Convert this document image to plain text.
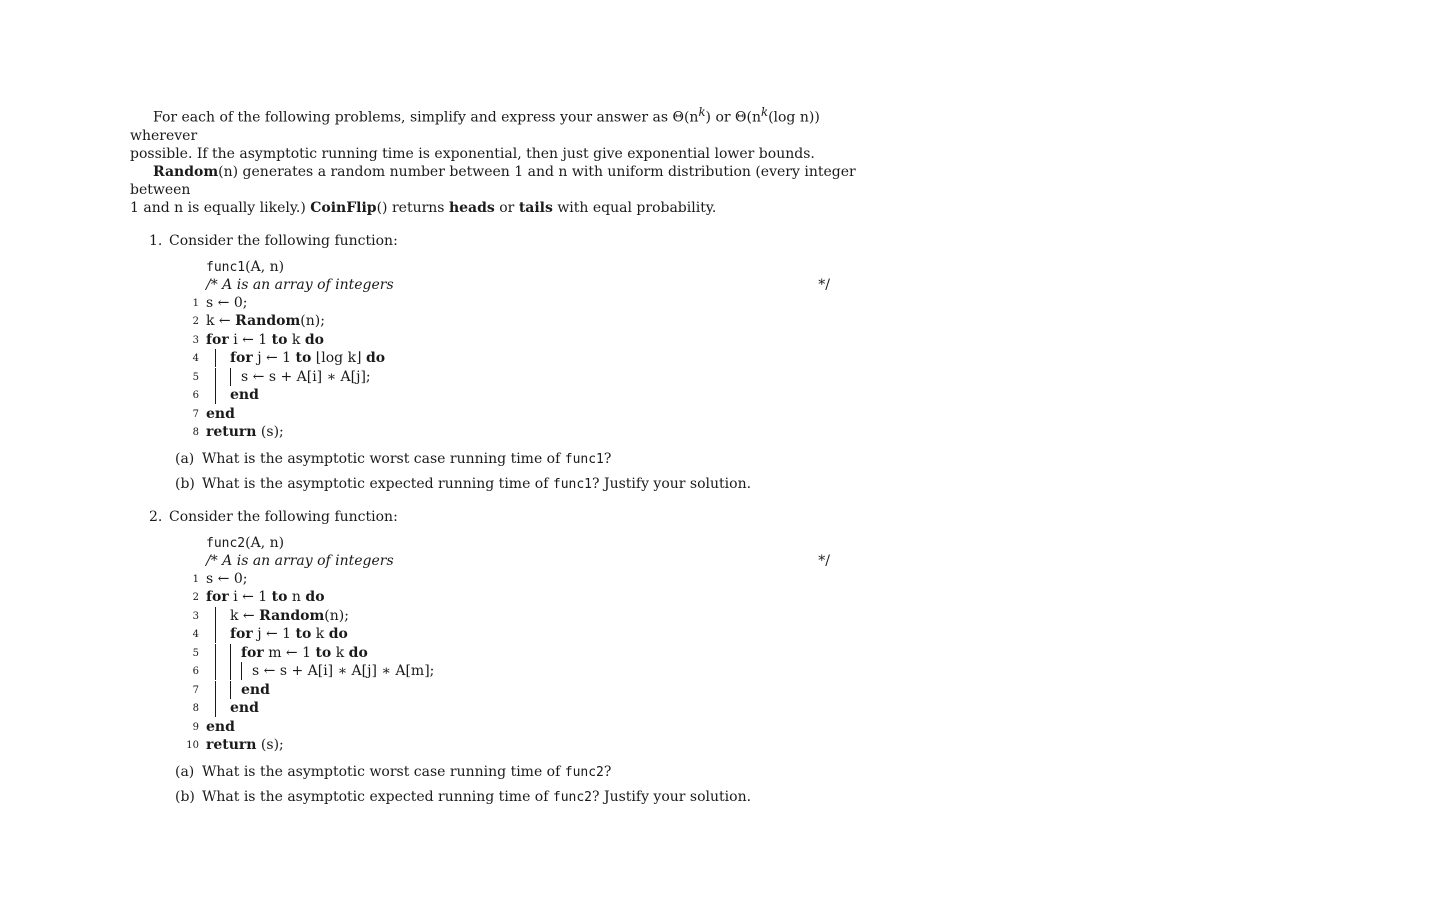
For each of the following problems, simplify and express your answer as $\Theta(n^k)$ or $\Theta(n^k(\log$ n)) wherever
possible. If the asymptotic running time is exponential, then just give exponential lower bounds.

Random(n) generates a random number between 1 and n with uniform distribution (every integer between
1 and n is equally likely.) CoinFlip() returns heads or tails with equal probability.

1. Consider the following function:
func1(A, n)
/* A is an array of integers	*/
1 s ← 0;
2 k ← Random(n);
3 for i ← 1 to k do
4	for j ← 1 to ⌊log k⌋ do
5	s ← s + A[i] ∗ A[j];
6	end
7 end
8 return (s);
(a) What is the asymptotic worst case running time of func1?
(b) What is the asymptotic expected running time of func1? Justify your solution.
2. Consider the following function:
func2(A, n)
/* A is an array of integers	*/
1 s ← 0;
2 for i ← 1 to n do
3	k ← Random(n);
4	for j ← 1 to k do
5	for m ← 1 to k do
6	s ← s + A[i] ∗ A[j] ∗ A[m];
7	end
8	end
9 end
10 return (s);
(a) What is the asymptotic worst case running time of func2?
(b) What is the asymptotic expected running time of func2? Justify your solution.
